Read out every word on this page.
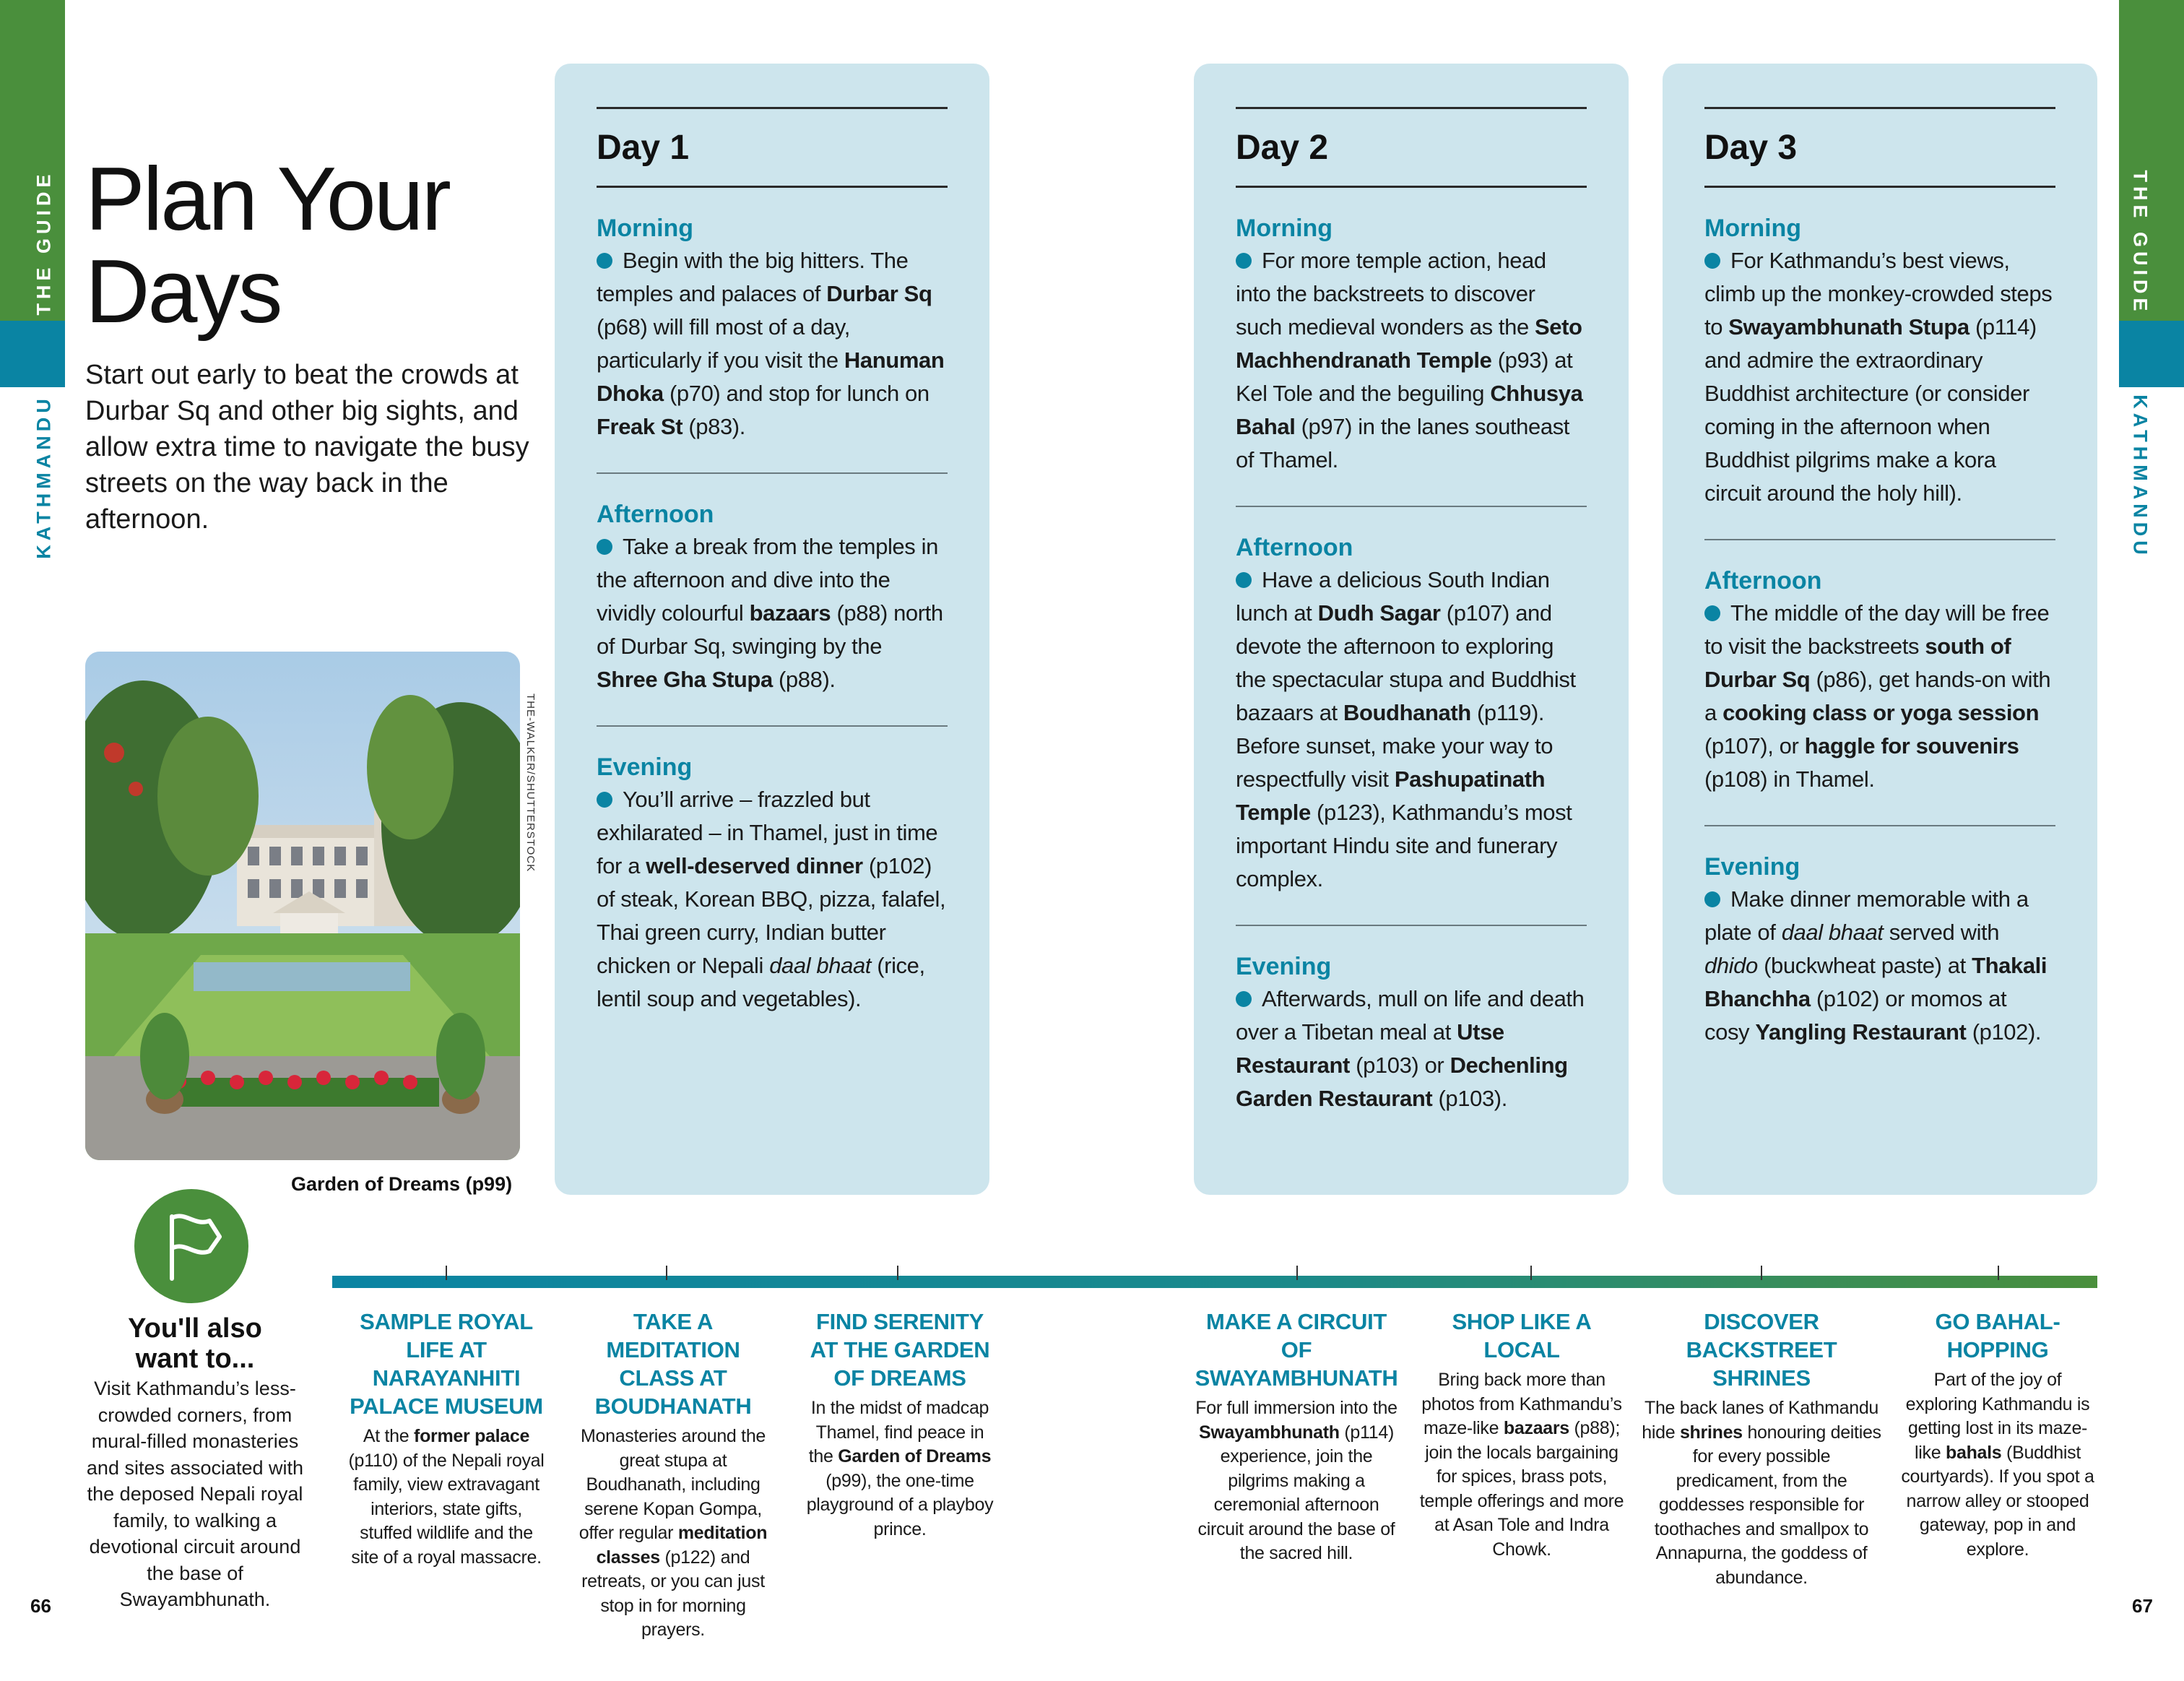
THE GUIDE
KATHMANDU
THE GUIDE
KATHMANDU
Plan Your
Days
Start out early to beat the crowds at Durbar Sq and other big sights, and allow extra time to navigate the busy streets on the way back in the afternoon.
THE-WALKER/SHUTTERSTOCK
Garden of Dreams (p99)
Day 1
Morning
Begin with the big hitters. The temples and palaces of Durbar Sq (p68) will fill most of a day, particularly if you visit the Hanuman Dhoka (p70) and stop for lunch on Freak St (p83).
Afternoon
Take a break from the temples in the afternoon and dive into the vividly colourful bazaars (p88) north of Durbar Sq, swinging by the Shree Gha Stupa (p88).
Evening
You’ll arrive – frazzled but exhilarated – in Thamel, just in time for a well-deserved dinner (p102) of steak, Korean BBQ, pizza, falafel, Thai green curry, Indian butter chicken or Nepali daal bhaat (rice, lentil soup and vegetables).
Day 2
Morning
For more temple action, head into the backstreets to discover such medieval wonders as the Seto Machhendranath Temple (p93) at Kel Tole and the beguiling Chhusya Bahal (p97) in the lanes southeast of Thamel.
Afternoon
Have a delicious South Indian lunch at Dudh Sagar (p107) and devote the afternoon to exploring the spectacular stupa and Buddhist bazaars at Boudhanath (p119). Before sunset, make your way to respectfully visit Pashupatinath Temple (p123), Kathmandu’s most important Hindu site and funerary complex.
Evening
Afterwards, mull on life and death over a Tibetan meal at Utse Restaurant (p103) or Dechenling Garden Restaurant (p103).
Day 3
Morning
For Kathmandu’s best views, climb up the monkey-crowded steps to Swayambhunath Stupa (p114) and admire the extraordinary Buddhist architecture (or consider coming in the afternoon when Buddhist pilgrims make a kora circuit around the holy hill).
Afternoon
The middle of the day will be free to visit the backstreets south of Durbar Sq (p86), get hands-on with a cooking class or yoga session (p107), or haggle for souvenirs (p108) in Thamel.
Evening
Make dinner memorable with a plate of daal bhaat served with dhido (buckwheat paste) at Thakali Bhanchha (p102) or momos at cosy Yangling Restaurant (p102).
You'll also
want to...
Visit Kathmandu’s less-crowded corners, from mural-filled monasteries and sites associated with the deposed Nepali royal family, to walking a devotional circuit around the base of Swayambhunath.
SAMPLE ROYAL LIFE AT NARAYANHITI PALACE MUSEUM
At the former palace (p110) of the Nepali royal family, view extravagant interiors, state gifts, stuffed wildlife and the site of a royal massacre.
TAKE A MEDITATION CLASS AT BOUDHANATH
Monasteries around the great stupa at Boudhanath, including serene Kopan Gompa, offer regular meditation classes (p122) and retreats, or you can just stop in for morning prayers.
FIND SERENITY AT THE GARDEN OF DREAMS
In the midst of madcap Thamel, find peace in the Garden of Dreams (p99), the one-time playground of a playboy prince.
MAKE A CIRCUIT OF SWAYAMBHUNATH
For full immersion into the Swayambhunath (p114) experience, join the pilgrims making a ceremonial afternoon circuit around the base of the sacred hill.
SHOP LIKE A LOCAL
Bring back more than photos from Kathmandu’s maze-like bazaars (p88); join the locals bargaining for spices, brass pots, temple offerings and more at Asan Tole and Indra Chowk.
DISCOVER BACKSTREET SHRINES
The back lanes of Kathmandu hide shrines honouring deities for every possible predicament, from the goddesses responsible for toothaches and smallpox to Annapurna, the goddess of abundance.
GO BAHAL-HOPPING
Part of the joy of exploring Kathmandu is getting lost in its maze-like bahals (Buddhist courtyards). If you spot a narrow alley or stooped gateway, pop in and explore.
66	67
